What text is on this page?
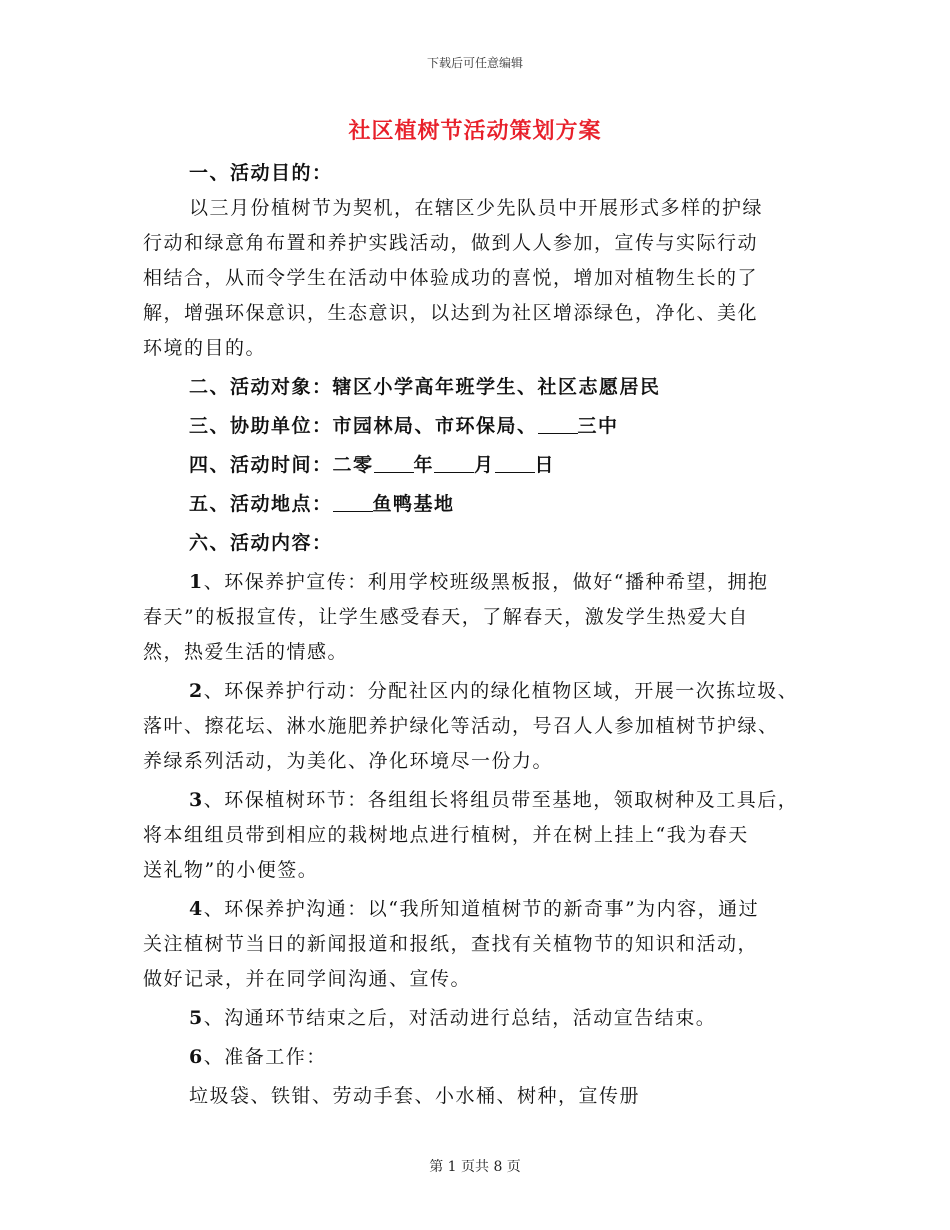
下载后可任意编辑
社区植树节活动策划方案
一、活动目的：
以三月份植树节为契机，在辖区少先队员中开展形式多样的护绿
行动和绿意角布置和养护实践活动，做到人人参加，宣传与实际行动
相结合，从而令学生在活动中体验成功的喜悦，增加对植物生长的了
解，增强环保意识，生态意识，以达到为社区增添绿色，净化、美化
环境的目的。
二、活动对象：辖区小学高年班学生、社区志愿居民
三、协助单位：市园林局、市环保局、 三中
四、活动时间：二零 年 月 日
五、活动地点： 鱼鸭基地
六、活动内容：
1、环保养护宣传：利用学校班级黑板报，做好“播种希望，拥抱
春天”的板报宣传，让学生感受春天，了解春天，激发学生热爱大自
然，热爱生活的情感。
2、环保养护行动：分配社区内的绿化植物区域，开展一次拣垃圾、
落叶、擦花坛、淋水施肥养护绿化等活动，号召人人参加植树节护绿、
养绿系列活动，为美化、净化环境尽一份力。
3、环保植树环节：各组组长将组员带至基地，领取树种及工具后，
将本组组员带到相应的栽树地点进行植树，并在树上挂上“我为春天
送礼物”的小便签。
4、环保养护沟通：以“我所知道植树节的新奇事”为内容，通过
关注植树节当日的新闻报道和报纸，查找有关植物节的知识和活动，
做好记录，并在同学间沟通、宣传。
5、沟通环节结束之后，对活动进行总结，活动宣告结束。
6、准备工作：
垃圾袋、铁钳、劳动手套、小水桶、树种，宣传册
第 1 页共 8 页
